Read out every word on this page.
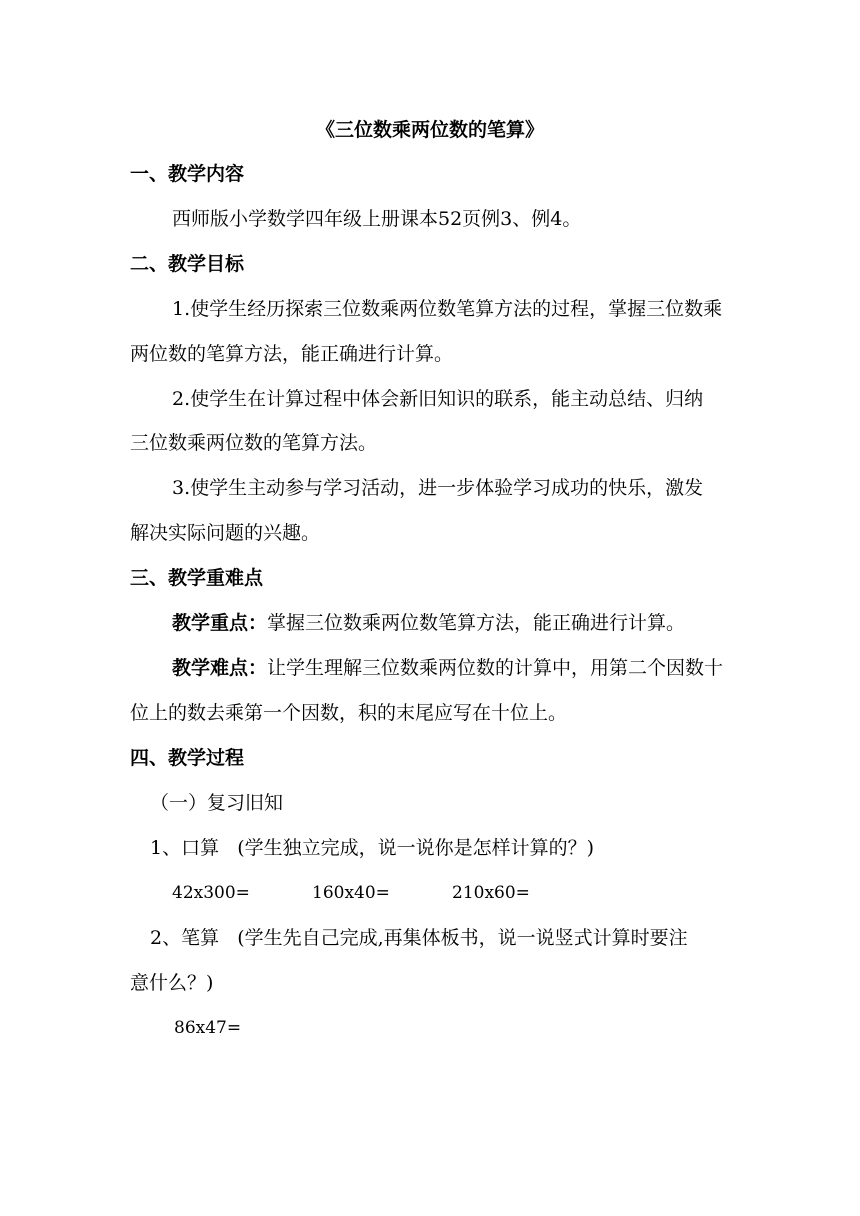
《三位数乘两位数的笔算》
一、教学内容
西师版小学数学四年级上册课本52页例3、例4。
二、教学目标
1.使学生经历探索三位数乘两位数笔算方法的过程，掌握三位数乘
两位数的笔算方法，能正确进行计算。
2.使学生在计算过程中体会新旧知识的联系，能主动总结、归纳
三位数乘两位数的笔算方法。
3.使学生主动参与学习活动，进一步体验学习成功的快乐，激发
解决实际问题的兴趣。
三、教学重难点
教学重点：掌握三位数乘两位数笔算方法，能正确进行计算。
教学难点：让学生理解三位数乘两位数的计算中，用第二个因数十
位上的数去乘第一个因数，积的末尾应写在十位上。
四、教学过程
（一）复习旧知
1、口算 (学生独立完成，说一说你是怎样计算的？)
42x300=	160x40=	210x60=
2、笔算 (学生先自己完成,再集体板书，说一说竖式计算时要注
意什么？)
86x47=
